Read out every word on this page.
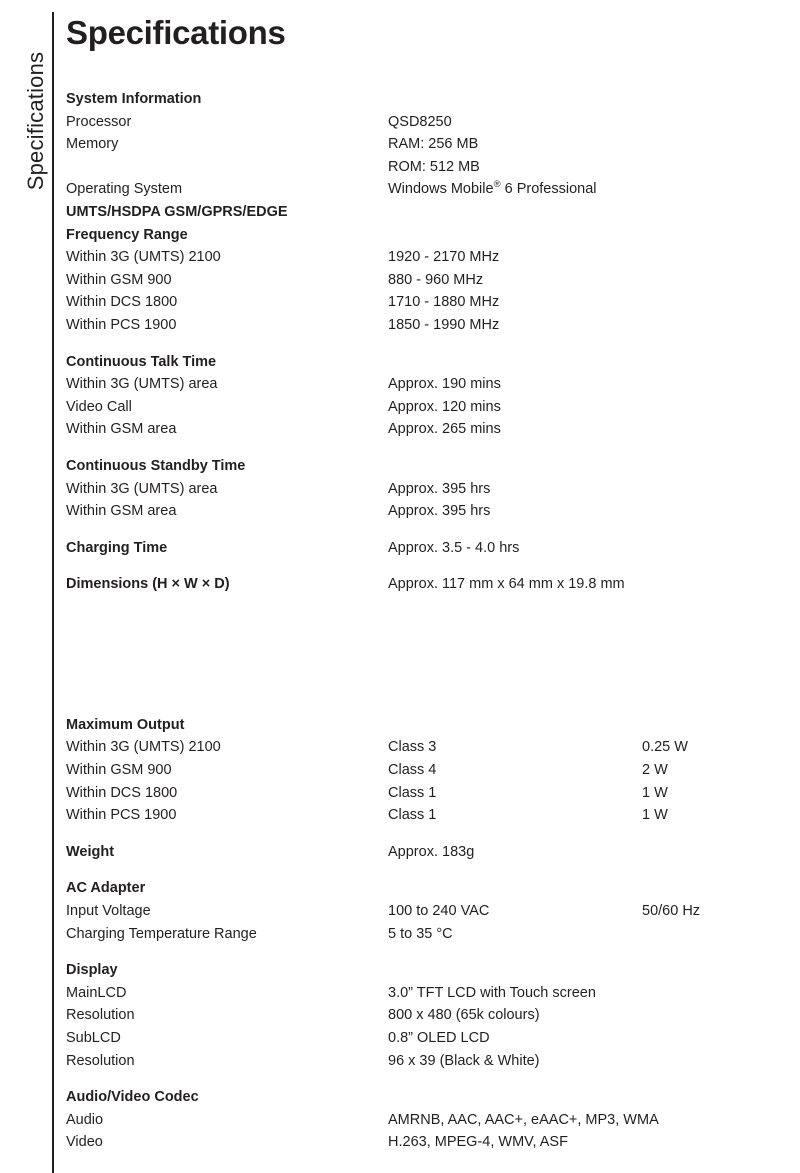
Specifications
Specifications
System Information
Processor	QSD8250
Memory	RAM: 256 MB
ROM: 512 MB
Operating System	Windows Mobile® 6 Professional
UMTS/HSDPA GSM/GPRS/EDGE
Frequency Range
Within 3G (UMTS) 2100	1920 - 2170 MHz
Within GSM 900	880 - 960 MHz
Within DCS 1800	1710 - 1880 MHz
Within PCS 1900	1850 - 1990 MHz
Continuous Talk Time
Within 3G (UMTS) area	Approx. 190 mins
Video Call	Approx. 120 mins
Within GSM area	Approx. 265 mins
Continuous Standby Time
Within 3G (UMTS) area	Approx. 395 hrs
Within GSM area	Approx. 395 hrs
Charging Time	Approx. 3.5 - 4.0 hrs
Dimensions (H × W × D)	Approx. 117 mm x 64 mm x 19.8 mm
Maximum Output
Within 3G (UMTS) 2100	Class 3	0.25 W
Within GSM 900	Class 4	2 W
Within DCS 1800	Class 1	1 W
Within PCS 1900	Class 1	1 W
Weight	Approx. 183g
AC Adapter
Input Voltage	100 to 240 VAC	50/60 Hz
Charging Temperature Range	5 to 35 °C
Display
MainLCD	3.0” TFT LCD with Touch screen
Resolution	800 x 480 (65k colours)
SubLCD	0.8” OLED LCD
Resolution	96 x 39 (Black & White)
Audio/Video Codec
Audio	AMRNB, AAC, AAC+, eAAC+, MP3, WMA
Video	H.263, MPEG-4, WMV, ASF
